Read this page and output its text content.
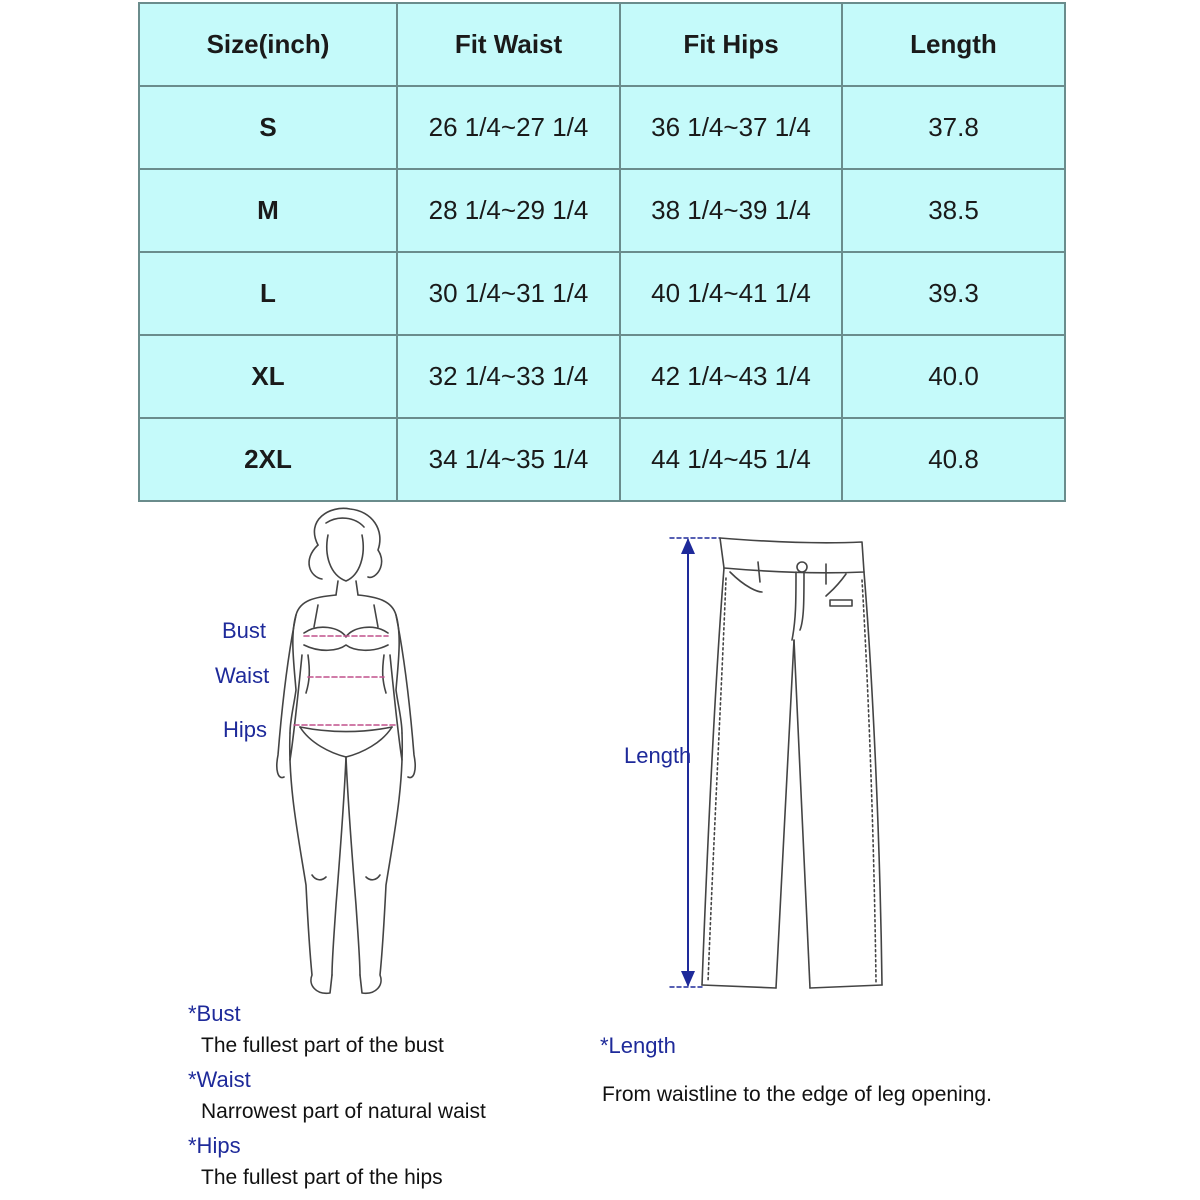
Size(inch)	Fit Waist	Fit Hips	Length
S	26 1/4~27 1/4	36 1/4~37 1/4	37.8
M	28 1/4~29 1/4	38 1/4~39 1/4	38.5
L	30 1/4~31 1/4	40 1/4~41 1/4	39.3
XL	32 1/4~33 1/4	42 1/4~43 1/4	40.0
2XL	34 1/4~35 1/4	44 1/4~45 1/4	40.8
Bust
Waist
Hips
Length
*Bust
The fullest part of the bust
*Waist
Narrowest part of natural waist
*Hips
The fullest part of the hips
*Length
From waistline to the edge of leg opening.
